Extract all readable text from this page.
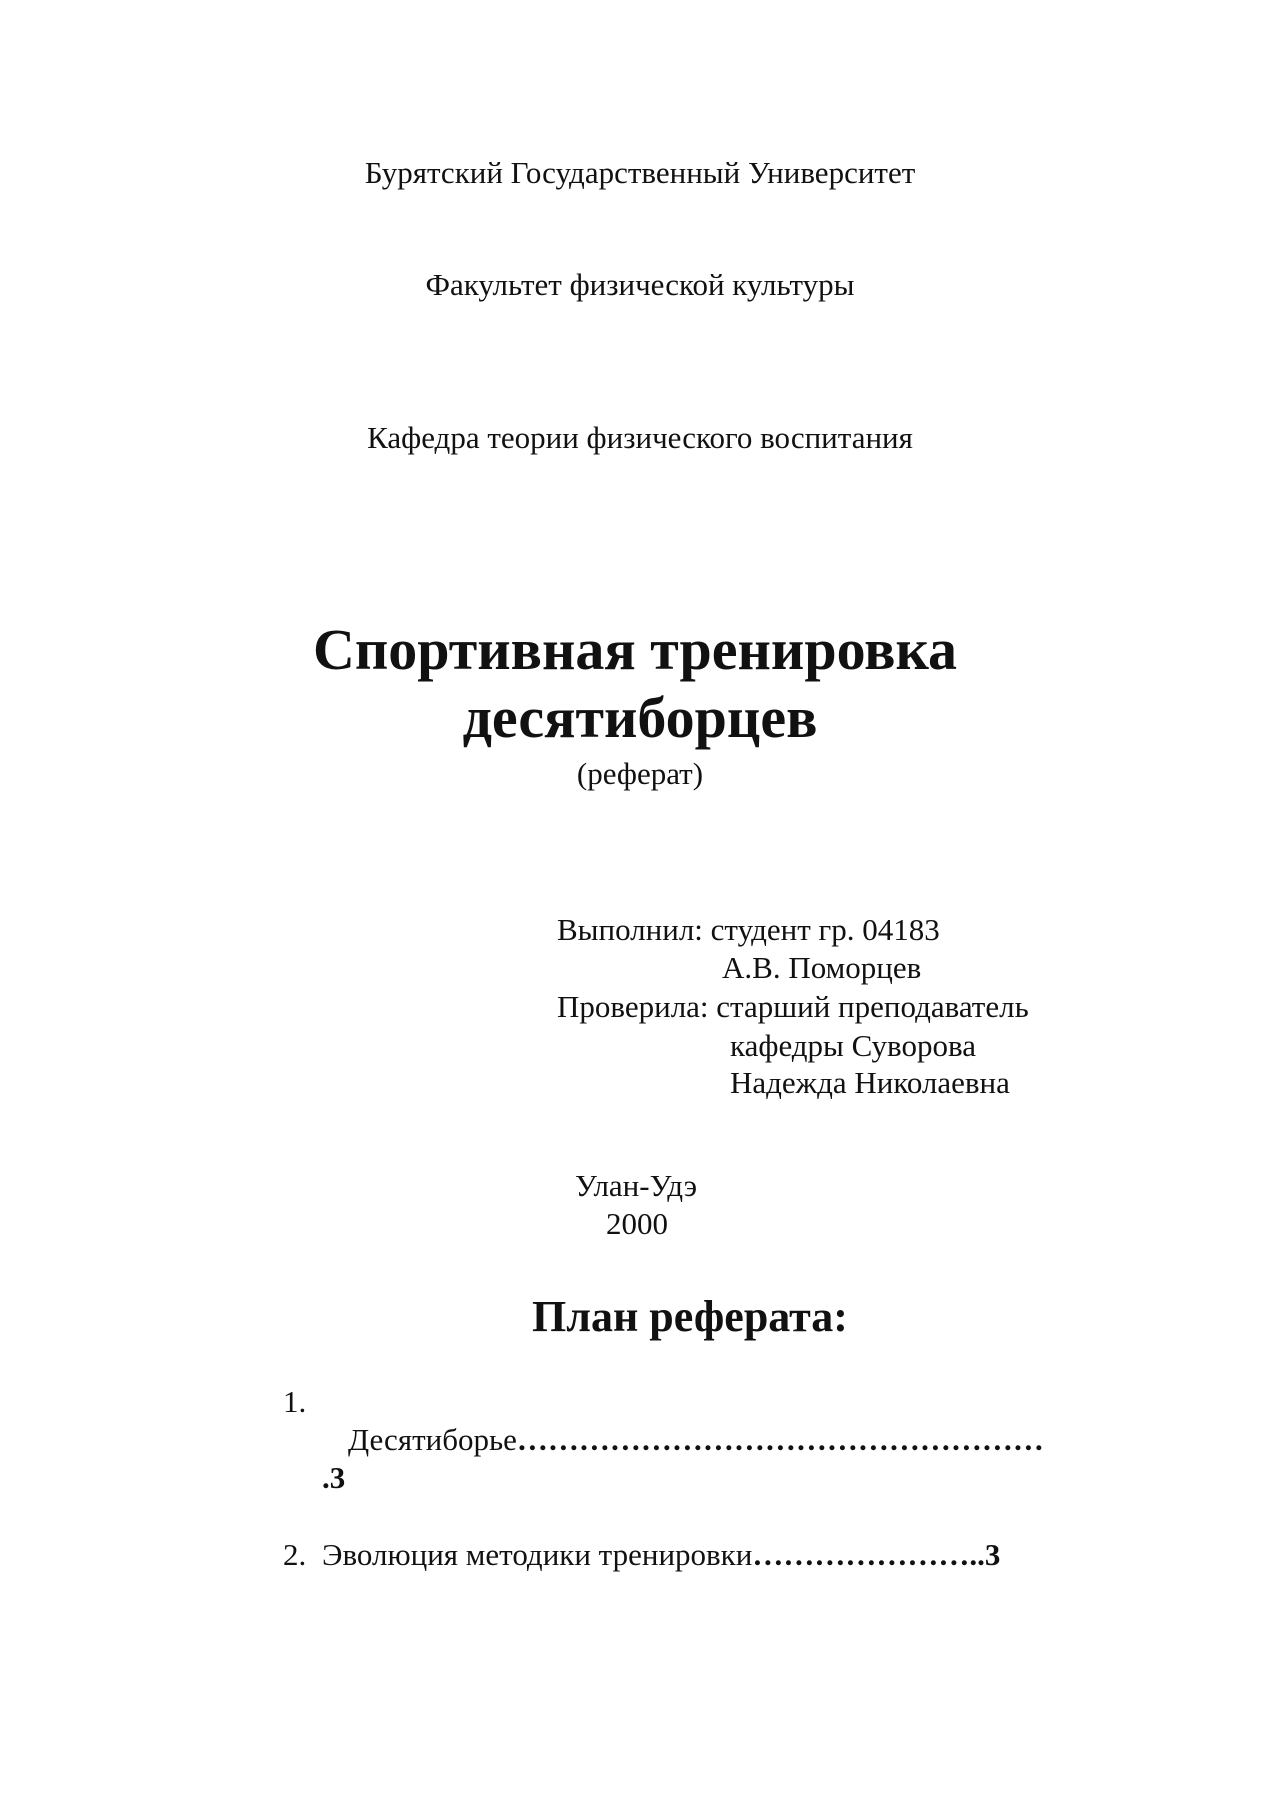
Бурятский Государственный Университет
Факультет физической культуры
Кафедра теории физического воспитания
Спортивная тренировка
десятиборцев
(реферат)
Выполнил: студент гр. 04183
А.В. Поморцев
Проверила: старший преподаватель
кафедры Суворова
Надежда Николаевна
Улан-Удэ
2000
План реферата:
1.
Десятиборье……………………………………………
.3
2. Эволюция методики тренировки…………………..3
